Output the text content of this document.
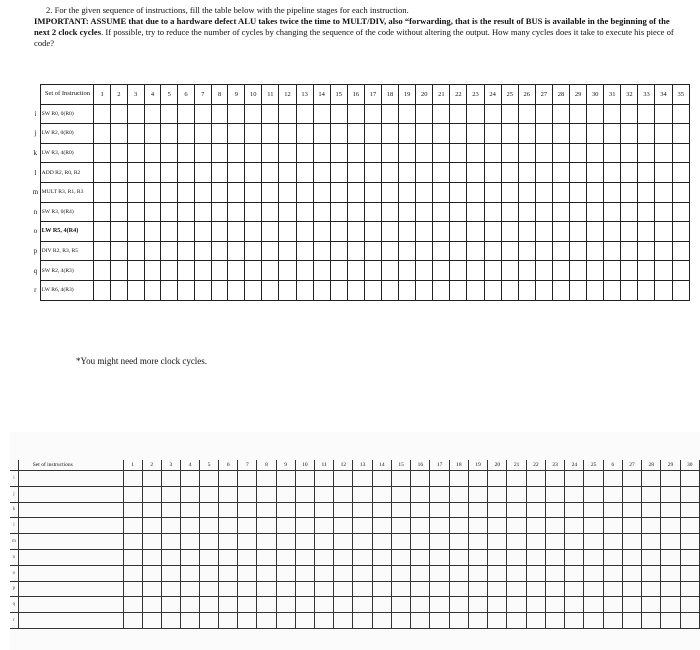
2. For the given sequence of instructions, fill the table below with the pipeline stages for each instruction.
IMPORTANT: ASSUME that due to a hardware defect ALU takes twice the time to MULT/DIV, also “forwarding, that is the result of BUS is available in the beginning of the next 2 clock cycles. If possible, try to reduce the number of cycles by changing the sequence of the code without altering the output. How many cycles does it take to execute his piece of code?
	Set of Instruction	1	2	3	4	5	6	7	8	9	10	11	12	13	14	15	16	17	18	19	20	21	22	23	24	25	26	27	28	29	30	31	32	33	34	35
i	SW R0, 0(R0)																																			
j	LW R2, 0(R0)																																			
k	LW R3, 4(R0)																																			
l	ADD R2, R0, R2																																			
m	MULT R3, R1, R3																																			
n	SW R3, 0(R4)																																			
o	LW R5, 4(R4)																																			
p	DIV R2, R3, R5																																			
q	SW R2, 4(R3)																																			
r	LW R6, 4(R3)																																			
*You might need more clock cycles.
	Set of instructions	1	2	3	4	5	6	7	8	9	10	11	12	13	14	15	16	17	18	19	20	21	22	23	24	25	6	27	28	29	30
i																															
j																															
k																															
l																															
m																															
n																															
o																															
p																															
q																															
r																															
